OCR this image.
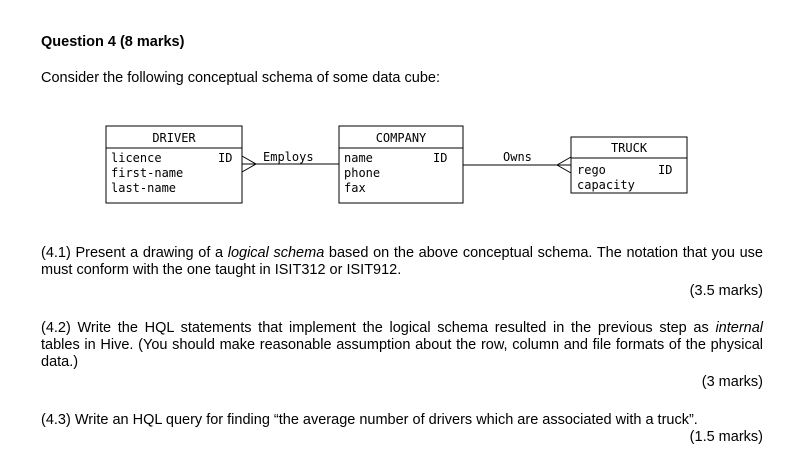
Question 4 (8 marks)
Consider the following conceptual schema of some data cube:
DRIVER
licence	ID
first-name
last-name
COMPANY
name	ID
phone
fax
TRUCK
rego	ID
capacity
Employs	Owns
(4.1) Present a drawing of a logical schema based on the above conceptual schema. The notation that you use must conform with the one taught in ISIT312 or ISIT912.
(3.5 marks)
(4.2) Write the HQL statements that implement the logical schema resulted in the previous step as internal tables in Hive. (You should make reasonable assumption about the row, column and file formats of the physical data.)
(3 marks)
(4.3) Write an HQL query for finding “the average number of drivers which are associated with a truck”.
(1.5 marks)
